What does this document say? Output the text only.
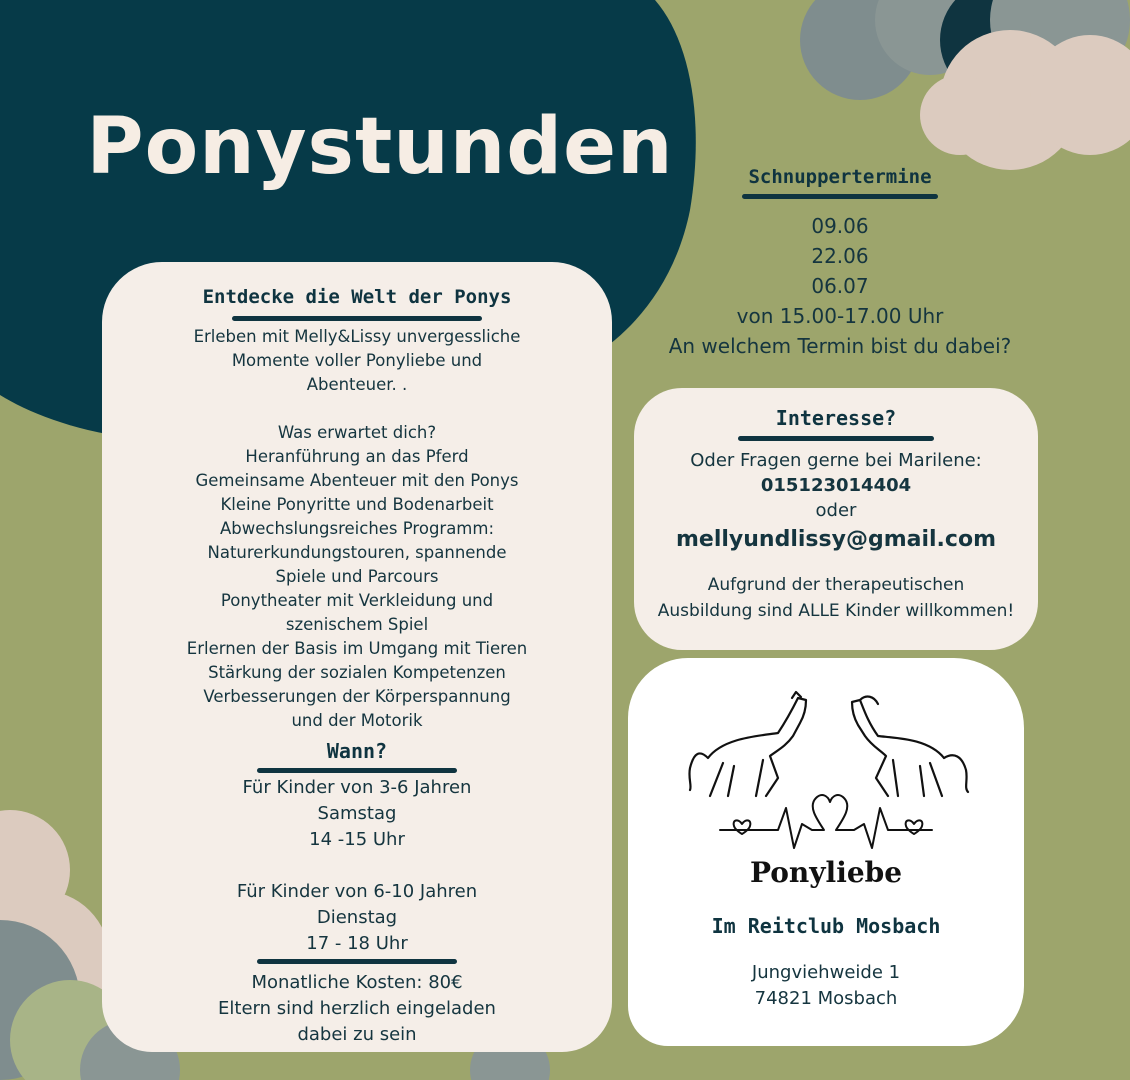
Ponystunden
Entdecke die Welt der Ponys
Erleben mit Melly&Lissy unvergessliche
Momente voller Ponyliebe und
Abenteuer. .
Was erwartet dich?
Heranführung an das Pferd
Gemeinsame Abenteuer mit den Ponys
Kleine Ponyritte und Bodenarbeit
Abwechslungsreiches Programm:
Naturerkundungstouren, spannende
Spiele und Parcours
Ponytheater mit Verkleidung und
szenischem Spiel
Erlernen der Basis im Umgang mit Tieren
Stärkung der sozialen Kompetenzen
Verbesserungen der Körperspannung
und der Motorik
Wann?
Für Kinder von 3-6 Jahren
Samstag
14 -15 Uhr
Für Kinder von 6-10 Jahren
Dienstag
17 - 18 Uhr
Monatliche Kosten: 80€
Eltern sind herzlich eingeladen
dabei zu sein
Schnuppertermine
09.06
22.06
06.07
von 15.00-17.00 Uhr
An welchem Termin bist du dabei?
Interesse?
Oder Fragen gerne bei Marilene:
015123014404
oder
mellyundlissy@gmail.com
Aufgrund der therapeutischen
Ausbildung sind ALLE Kinder willkommen!
Ponyliebe
Im Reitclub Mosbach
Jungviehweide 1
74821 Mosbach
